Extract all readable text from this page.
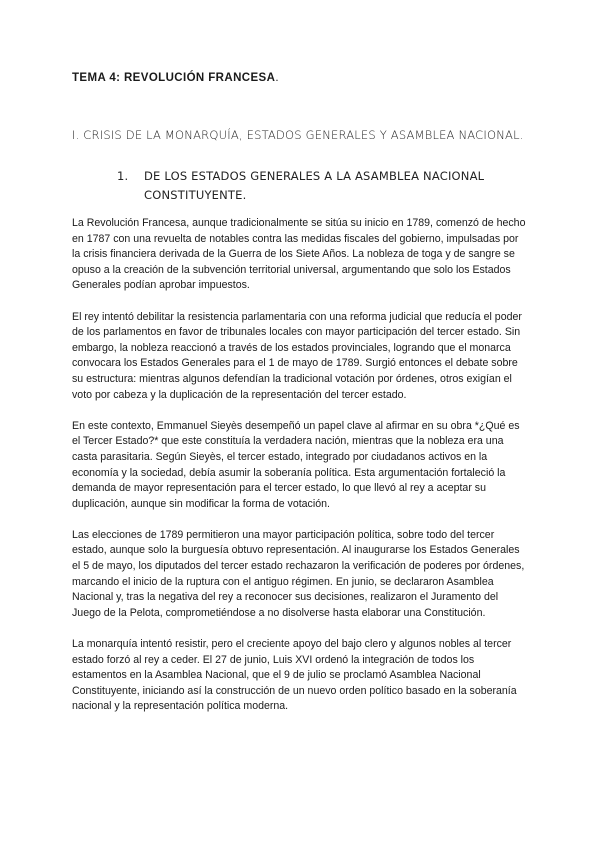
TEMA 4: REVOLUCIÓN FRANCESA.
I. CRISIS DE LA MONARQUÍA, ESTADOS GENERALES Y ASAMBLEA NACIONAL.
1.	DE LOS ESTADOS GENERALES A LA ASAMBLEA NACIONAL CONSTITUYENTE.

La Revolución Francesa, aunque tradicionalmente se sitúa su inicio en 1789, comenzó de hecho en 1787 con una revuelta de notables contra las medidas fiscales del gobierno, impulsadas por la crisis financiera derivada de la Guerra de los Siete Años. La nobleza de toga y de sangre se opuso a la creación de la subvención territorial universal, argumentando que solo los Estados Generales podían aprobar impuestos.

El rey intentó debilitar la resistencia parlamentaria con una reforma judicial que reducía el poder de los parlamentos en favor de tribunales locales con mayor participación del tercer estado. Sin embargo, la nobleza reaccionó a través de los estados provinciales, logrando que el monarca convocara los Estados Generales para el 1 de mayo de 1789. Surgió entonces el debate sobre su estructura: mientras algunos defendían la tradicional votación por órdenes, otros exigían el voto por cabeza y la duplicación de la representación del tercer estado.

En este contexto, Emmanuel Sieyès desempeñó un papel clave al afirmar en su obra *¿Qué es el Tercer Estado?* que este constituía la verdadera nación, mientras que la nobleza era una casta parasitaria. Según Sieyès, el tercer estado, integrado por ciudadanos activos en la economía y la sociedad, debía asumir la soberanía política. Esta argumentación fortaleció la demanda de mayor representación para el tercer estado, lo que llevó al rey a aceptar su duplicación, aunque sin modificar la forma de votación.

Las elecciones de 1789 permitieron una mayor participación política, sobre todo del tercer estado, aunque solo la burguesía obtuvo representación. Al inaugurarse los Estados Generales el 5 de mayo, los diputados del tercer estado rechazaron la verificación de poderes por órdenes, marcando el inicio de la ruptura con el antiguo régimen. En junio, se declararon Asamblea Nacional y, tras la negativa del rey a reconocer sus decisiones, realizaron el Juramento del Juego de la Pelota, comprometiéndose a no disolverse hasta elaborar una Constitución.

La monarquía intentó resistir, pero el creciente apoyo del bajo clero y algunos nobles al tercer estado forzó al rey a ceder. El 27 de junio, Luis XVI ordenó la integración de todos los estamentos en la Asamblea Nacional, que el 9 de julio se proclamó Asamblea Nacional Constituyente, iniciando así la construcción de un nuevo orden político basado en la soberanía nacional y la representación política moderna.
